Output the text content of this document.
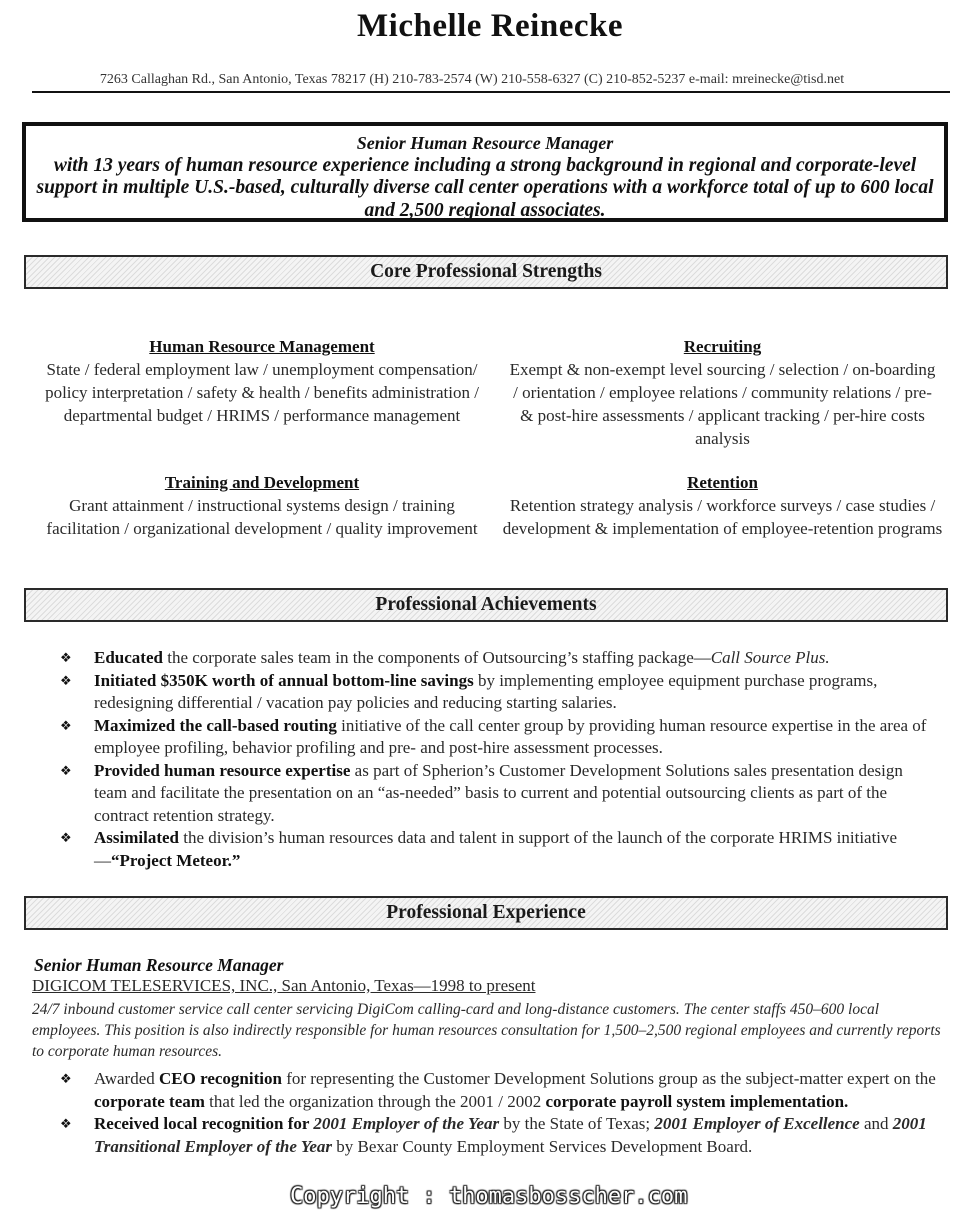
Michelle Reinecke
7263 Callaghan Rd., San Antonio, Texas 78217 (H) 210-783-2574 (W) 210-558-6327 (C) 210-852-5237 e-mail: mreinecke@tisd.net
Senior Human Resource Manager
with 13 years of human resource experience including a strong background in regional and corporate-level support in multiple U.S.-based, culturally diverse call center operations with a workforce total of up to 600 local and 2,500 regional associates.
Core Professional Strengths
Human Resource Management
State / federal employment law / unemployment compensation/ policy interpretation / safety & health / benefits administration / departmental budget / HRIMS / performance management
Recruiting
Exempt & non-exempt level sourcing / selection / on-boarding / orientation / employee relations / community relations / pre- & post-hire assessments / applicant tracking / per-hire costs analysis
Training and Development
Grant attainment / instructional systems design / training facilitation / organizational development / quality improvement
Retention
Retention strategy analysis / workforce surveys / case studies / development & implementation of employee-retention programs
Professional Achievements
❖ Educated the corporate sales team in the components of Outsourcing’s staffing package—Call Source Plus.
❖ Initiated $350K worth of annual bottom-line savings by implementing employee equipment purchase programs, redesigning differential / vacation pay policies and reducing starting salaries.
❖ Maximized the call-based routing initiative of the call center group by providing human resource expertise in the area of employee profiling, behavior profiling and pre- and post-hire assessment processes.
❖ Provided human resource expertise as part of Spherion’s Customer Development Solutions sales presentation design team and facilitate the presentation on an “as-needed” basis to current and potential outsourcing clients as part of the contract retention strategy.
❖ Assimilated the division’s human resources data and talent in support of the launch of the corporate HRIMS initiative—“Project Meteor.”
Professional Experience
Senior Human Resource Manager
DIGICOM TELESERVICES, INC., San Antonio, Texas—1998 to present
24/7 inbound customer service call center servicing DigiCom calling-card and long-distance customers. The center staffs 450–600 local employees. This position is also indirectly responsible for human resources consultation for 1,500–2,500 regional employees and currently reports to corporate human resources.
❖ Awarded CEO recognition for representing the Customer Development Solutions group as the subject-matter expert on the corporate team that led the organization through the 2001 / 2002 corporate payroll system implementation.
❖ Received local recognition for 2001 Employer of the Year by the State of Texas; 2001 Employer of Excellence and 2001 Transitional Employer of the Year by Bexar County Employment Services Development Board.
Copyright : thomasbosscher.com
